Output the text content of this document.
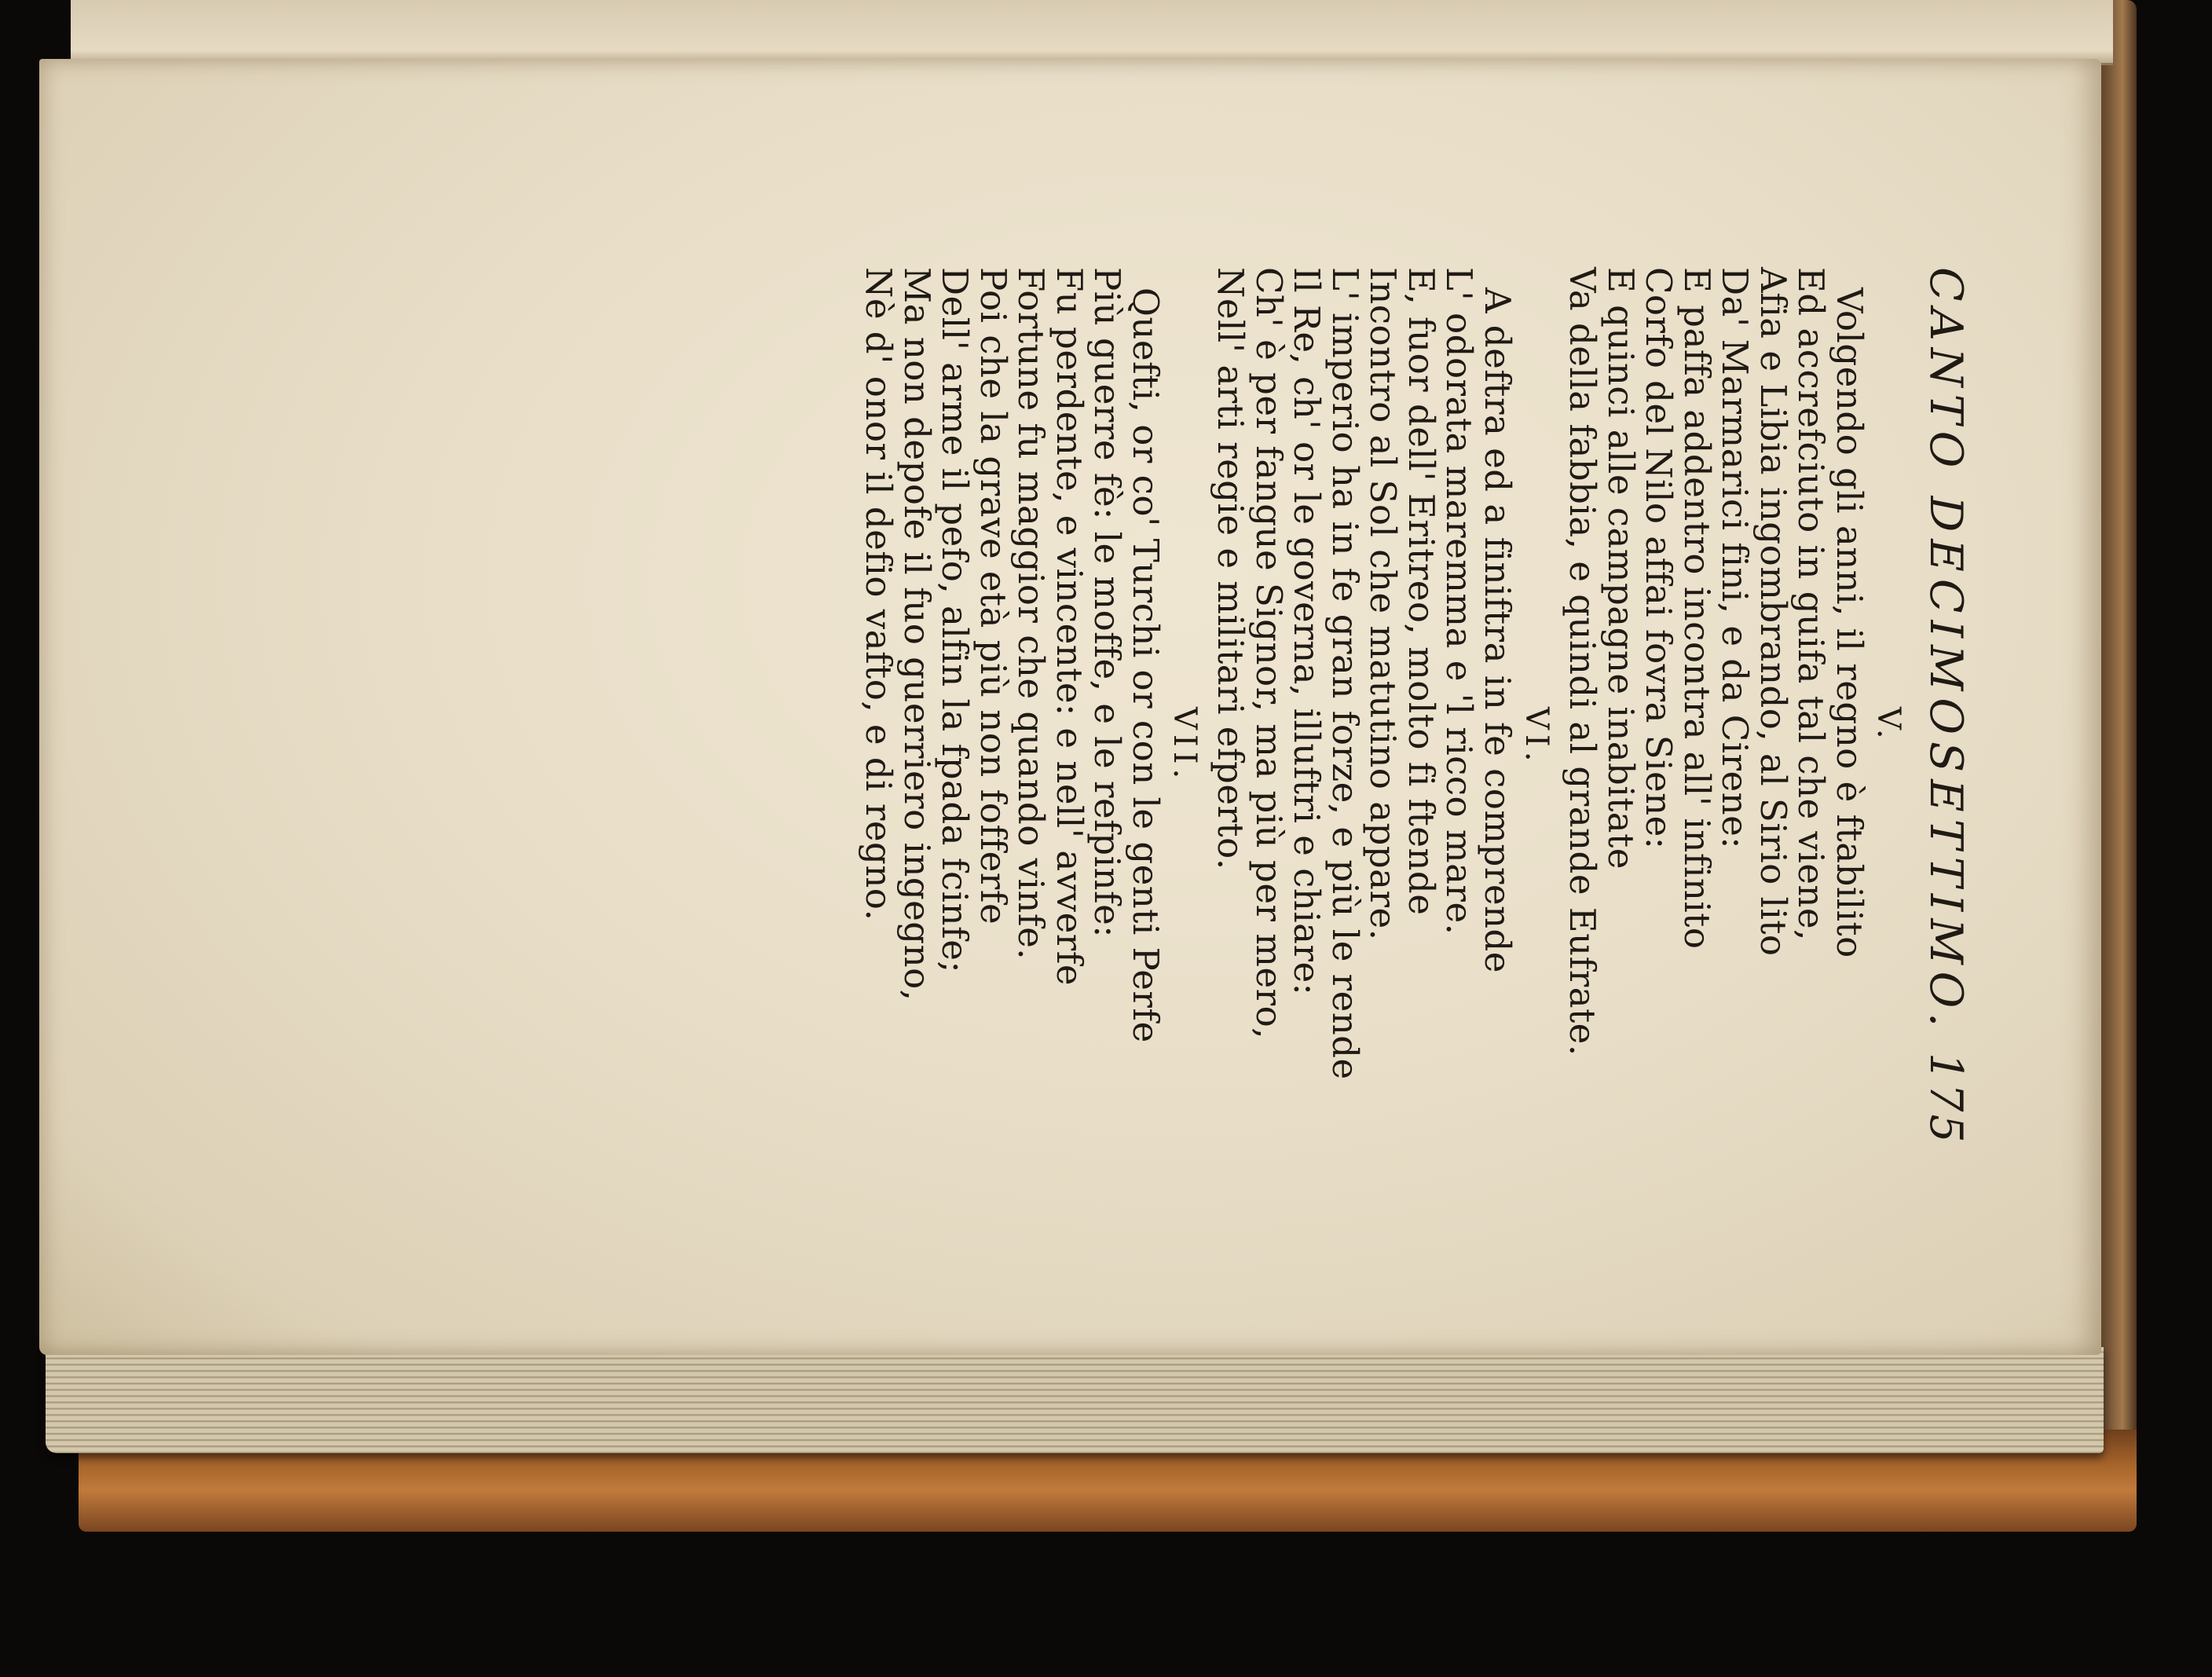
CANTO DECIMOSETTIMO.
175
V.
Volgendo gli anni, il regno è ftabilito
Ed accrefciuto in guifa tal che viene,
Afia e Libia ingombrando, al Sirio lito
Da' Marmarici fini, e da Cirene:
E paffa addentro incontra all' infinito
Corfo del Nilo affai fovra Siene:
E quinci alle campagne inabitate
Va della fabbia, e quindi al grande Eufrate.
VI.
A deftra ed a finiftra in fe comprende
L' odorata maremma e 'l ricco mare.
E, fuor dell' Eritreo, molto fi ftende
Incontro al Sol che matutino appare.
L' imperio ha in fe gran forze, e più le rende
Il Re, ch' or le governa, illuftri e chiare:
Ch' è per fangue Signor, ma più per mero,
Nell' arti regie e militari efperto.
VII.
Quefti, or co' Turchi or con le genti Perfe
Più guerre fè: le moffe, e le refpinfe:
Fu perdente, e vincente: e nell' avverfe
Fortune fu maggior che quando vinfe.
Poi che la grave età più non fofferfe
Dell' arme il pefo, alfin la fpada fcinfe;
Ma non depofe il fuo guerriero ingegno,
Nè d' onor il defio vafto, e di regno.
